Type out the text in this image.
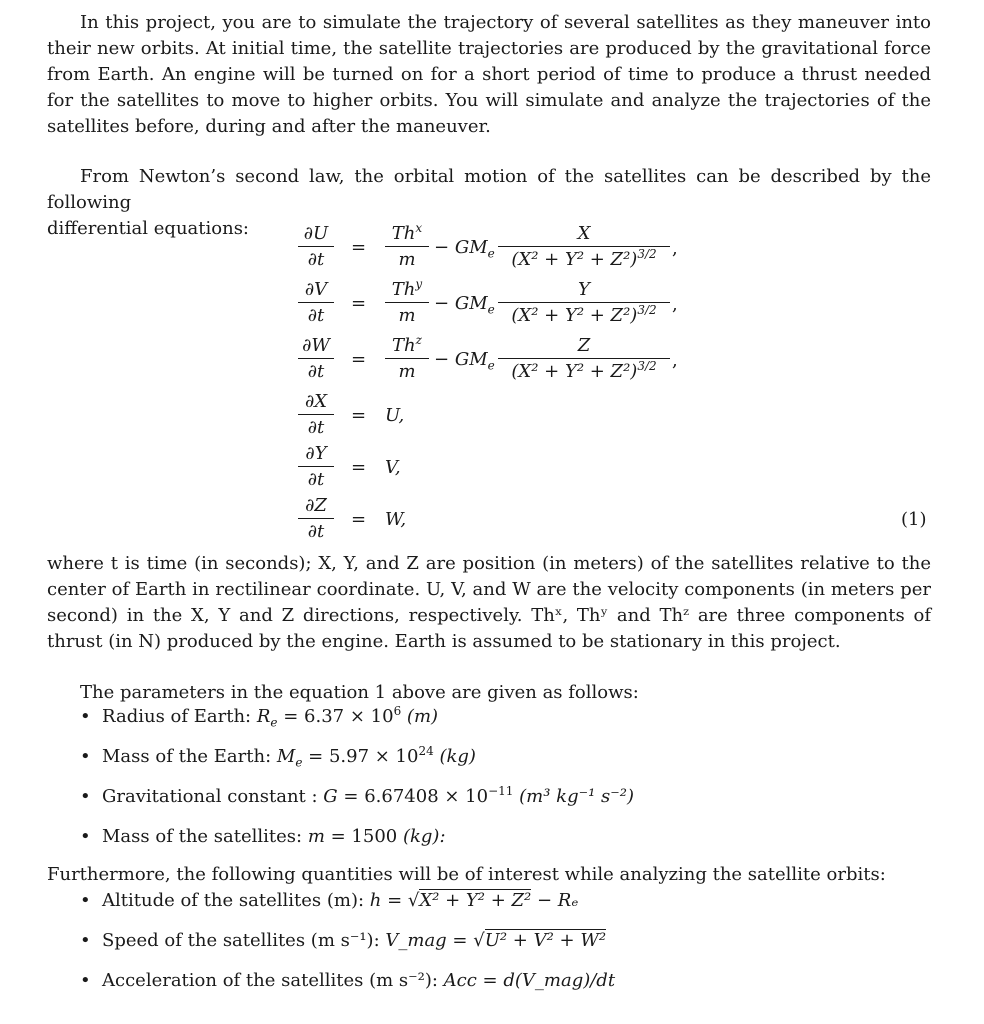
In this project, you are to simulate the trajectory of several satellites as they maneuver into
their new orbits. At initial time, the satellite trajectories are produced by the gravitational force
from Earth. An engine will be turned on for a short period of time to produce a thrust needed
for the satellites to move to higher orbits. You will simulate and analyze the trajectories of the
satellites before, during and after the maneuver.
From Newton’s second law, the orbital motion of the satellites can be described by the following
differential equations:	∂U
∂t
=
$Th^x$
m
− $GM_e$
X
$(X^2 + Y^2 + Z^2)^{3/2}$ ,
∂V
∂t
=
$Th^y$
m
− $GM_e$
Y
$(X^2 + Y^2 + Z^2)^{3/2}$ ,
∂W
∂t
=
$Th^z$
m
− $GM_e$
Z
$(X^2 + Y^2 + Z^2)^{3/2}$ ,
∂X
∂t
= U,
∂Y
∂t
= V,
∂Z
∂t
= W,	(1)
where t is time (in seconds); X, Y, and Z are position (in meters) of the satellites relative to the
center of Earth in rectilinear coordinate. U, V, and W are the velocity components (in meters per
second) in the X, Y and Z directions, respectively. Thˣ, Thʸ and Thᶻ are three components of
thrust (in N) produced by the engine. Earth is assumed to be stationary in this project.
The parameters in the equation 1 above are given as follows:
• Radius of Earth: $R_e = 6.37 \times 10^6$ (m)
• Mass of the Earth: $M_e = 5.97 \times 10^{24}$ (kg)
• Gravitational constant : $G = 6.67408 \times 10^{-11}$ (m³ kg⁻¹ s⁻²)
• Mass of the satellites: m = 1500 (kg):
Furthermore, the following quantities will be of interest while analyzing the satellite orbits:
• Altitude of the satellites (m): h = √X² + Y² + Z² − Rₑ
• Speed of the satellites (m s⁻¹): V_mag = √U² + V² + W²
• Acceleration of the satellites (m s⁻²): Acc = d(V_mag)/dt
